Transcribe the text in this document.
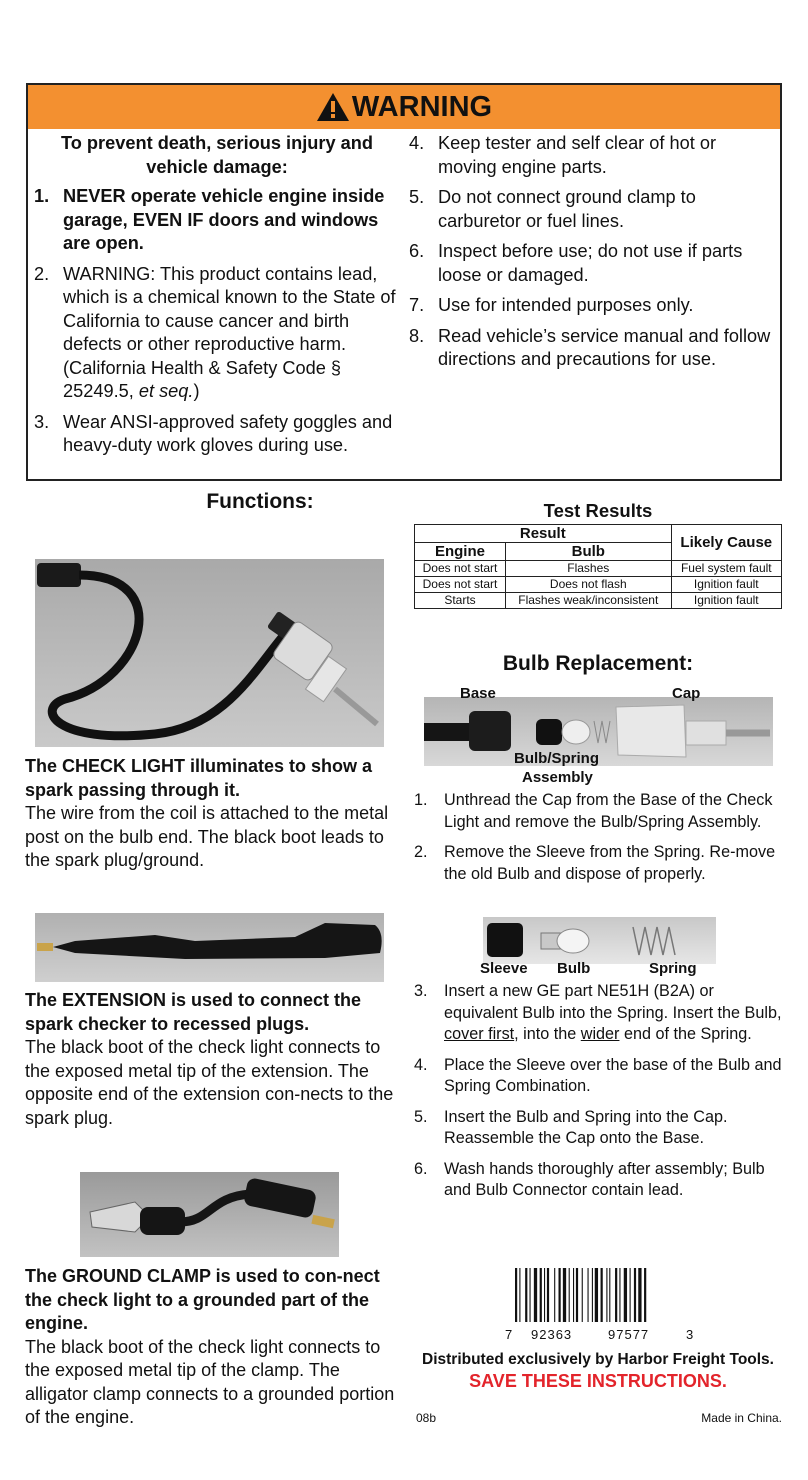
WARNING
To prevent death, serious injury and vehicle damage:
1. NEVER operate vehicle engine inside garage, EVEN IF doors and windows are open.
2. WARNING: This product contains lead, which is a chemical known to the State of California to cause cancer and birth defects or other reproductive harm. (California Health & Safety Code § 25249.5, et seq.)
3. Wear ANSI-approved safety goggles and heavy-duty work gloves during use.
4. Keep tester and self clear of hot or moving engine parts.
5. Do not connect ground clamp to carburetor or fuel lines.
6. Inspect before use; do not use if parts loose or damaged.
7. Use for intended purposes only.
8. Read vehicle’s service manual and follow directions and precautions for use.
Functions:
The CHECK LIGHT illuminates to show a spark passing through it.
The wire from the coil is attached to the metal post on the bulb end. The black boot leads to the spark plug/ground.
The EXTENSION is used to connect the spark checker to recessed plugs.
The black boot of the check light connects to the exposed metal tip of the extension. The opposite end of the extension con-nects to the spark plug.
The GROUND CLAMP is used to con-nect the check light to a grounded part of the engine.
The black boot of the check light connects to the exposed metal tip of the clamp. The alligator clamp connects to a grounded portion of the engine.
Test Results
Result		Likely Cause
Engine	Bulb	
Does not start	Flashes	Fuel system fault
Does not start	Does not flash	Ignition fault
Starts	Flashes weak/inconsistent	Ignition fault
Bulb Replacement:
Base	Cap
Bulb/Spring
Assembly
1. Unthread the Cap from the Base of the Check Light and remove the Bulb/Spring Assembly.
2. Remove the Sleeve from the Spring. Re-move the old Bulb and dispose of properly.
Sleeve Bulb	Spring
3. Insert a new GE part NE51H (B2A) or equivalent Bulb into the Spring. Insert the Bulb, cover first, into the wider end of the Spring.
4. Place the Sleeve over the base of the Bulb and Spring Combination.
5. Insert the Bulb and Spring into the Cap. Reassemble the Cap onto the Base.
6. Wash hands thoroughly after assembly; Bulb and Bulb Connector contain lead.
7 92363	97577	3
Distributed exclusively by Harbor Freight Tools.
SAVE THESE INSTRUCTIONS.
08b	Made in China.
